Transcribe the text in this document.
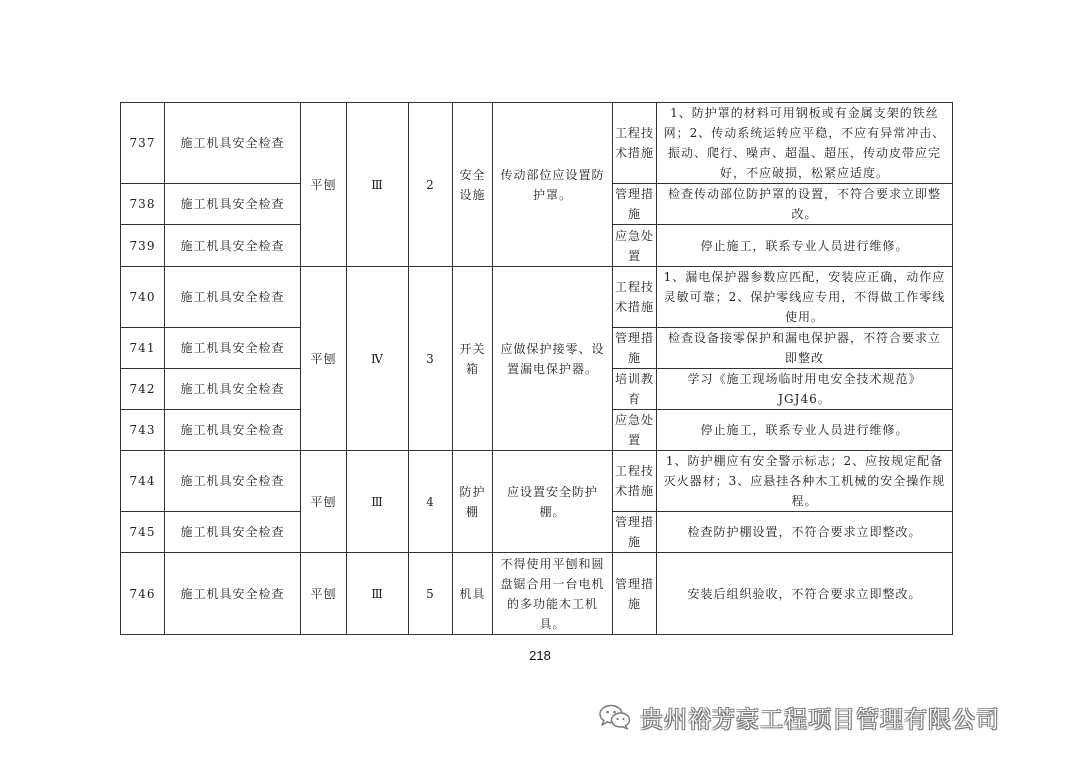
737	施工机具安全检查	平刨	Ⅲ	2	安全设施	传动部位应设置防护罩。	工程技术措施	1、防护罩的材料可用钢板或有金属支架的铁丝网；2、传动系统运转应平稳，不应有异常冲击、振动、爬行、噪声、超温、超压，传动皮带应完好，不应破损，松紧应适度。
738	施工机具安全检查						管理措施	检查传动部位防护罩的设置，不符合要求立即整改。
739	施工机具安全检查						应急处置	停止施工，联系专业人员进行维修。
740	施工机具安全检查	平刨	Ⅳ	3	开关箱	应做保护接零、设置漏电保护器。	工程技术措施	1、漏电保护器参数应匹配，安装应正确，动作应灵敏可靠；2、保护零线应专用，不得做工作零线使用。
741	施工机具安全检查						管理措施	检查设备接零保护和漏电保护器，不符合要求立即整改
742	施工机具安全检查						培训教育	学习《施工现场临时用电安全技术规范》JGJ46。
743	施工机具安全检查						应急处置	停止施工，联系专业人员进行维修。
744	施工机具安全检查	平刨	Ⅲ	4	防护棚	应设置安全防护棚。	工程技术措施	1、防护棚应有安全警示标志；2、应按规定配备灭火器材；3、应悬挂各种木工机械的安全操作规程。
745	施工机具安全检查						管理措施	检查防护棚设置，不符合要求立即整改。
746	施工机具安全检查	平刨	Ⅲ	5	机具	不得使用平刨和圆盘锯合用一台电机的多功能木工机具。	管理措施	安装后组织验收，不符合要求立即整改。
218
贵州裕芳豪工程项目管理有限公司
